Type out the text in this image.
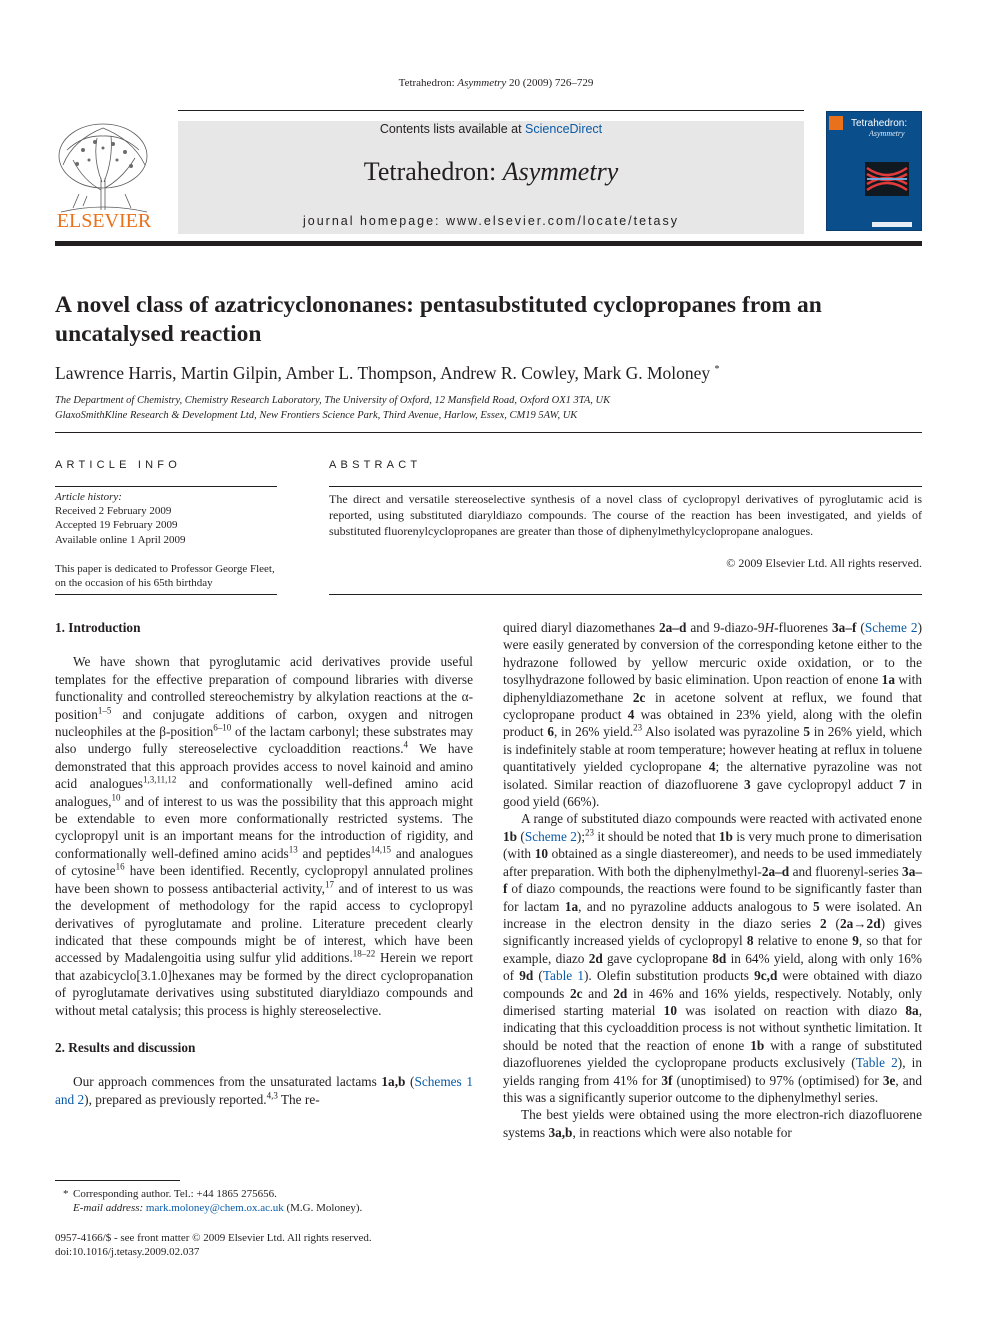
Tetrahedron: Asymmetry 20 (2009) 726–729
ELSEVIER
Contents lists available at ScienceDirect
Tetrahedron: Asymmetry
journal homepage: www.elsevier.com/locate/tetasy
Tetrahedron:
Asymmetry
A novel class of azatricyclononanes: pentasubstituted cyclopropanes from an uncatalysed reaction
Lawrence Harris, Martin Gilpin, Amber L. Thompson, Andrew R. Cowley, Mark G. Moloney *
The Department of Chemistry, Chemistry Research Laboratory, The University of Oxford, 12 Mansfield Road, Oxford OX1 3TA, UK
GlaxoSmithKline Research & Development Ltd, New Frontiers Science Park, Third Avenue, Harlow, Essex, CM19 5AW, UK
ARTICLE INFO
Article history:
Received 2 February 2009
Accepted 19 February 2009
Available online 1 April 2009
This paper is dedicated to Professor George Fleet, on the occasion of his 65th birthday
ABSTRACT
The direct and versatile stereoselective synthesis of a novel class of cyclopropyl derivatives of pyroglutamic acid is reported, using substituted diaryldiazo compounds. The course of the reaction has been investigated, and yields of substituted fluorenylcyclopropanes are greater than those of diphenylmethylcyclopropane analogues.
© 2009 Elsevier Ltd. All rights reserved.
1. Introduction

We have shown that pyroglutamic acid derivatives provide useful templates for the effective preparation of compound libraries with diverse functionality and controlled stereochemistry by alkylation reactions at the α-position$^{1-5}$ and conjugate additions of carbon, oxygen and nitrogen nucleophiles at the β-position$^{6-10}$ of the lactam carbonyl; these substrates may also undergo fully stereoselective cycloaddition reactions.$^4$ We have demonstrated that this approach provides access to novel kainoid and amino acid analogues$^{1,3,11,12}$ and conformationally well-defined amino acid analogues,$^{10}$ and of interest to us was the possibility that this approach might be extendable to even more conformationally restricted systems. The cyclopropyl unit is an important means for the introduction of rigidity, and conformationally well-defined amino acids$^{13}$ and peptides$^{14,15}$ and analogues of cytosine$^{16}$ have been identified. Recently, cyclopropyl annulated prolines have been shown to possess antibacterial activity,$^{17}$ and of interest to us was the development of methodology for the rapid access to cyclopropyl derivatives of pyroglutamate and proline. Literature precedent clearly indicated that these compounds might be of interest, which have been accessed by Madalengoitia using sulfur ylid additions.$^{18-22}$ Herein we report that azabicyclo[3.1.0]hexanes may be formed by the direct cyclopropanation of pyroglutamate derivatives using substituted diaryldiazo compounds and without metal catalysis; this process is highly stereoselective.

2. Results and discussion

Our approach commences from the unsaturated lactams 1a,b (Schemes 1 and 2), prepared as previously reported.$^{4,3}$ The re-

quired diaryl diazomethanes 2a–d and 9-diazo-9H-fluorenes 3a–f (Scheme 2) were easily generated by conversion of the corresponding ketone either to the hydrazone followed by yellow mercuric oxide oxidation, or to the tosylhydrazone followed by basic elimination. Upon reaction of enone 1a with diphenyldiazomethane 2c in acetone solvent at reflux, we found that cyclopropane product 4 was obtained in 23% yield, along with the olefin product 6, in 26% yield.$^{23}$ Also isolated was pyrazoline 5 in 26% yield, which is indefinitely stable at room temperature; however heating at reflux in toluene quantitatively yielded cyclopropane 4; the alternative pyrazoline was not isolated. Similar reaction of diazofluorene 3 gave cyclopropyl adduct 7 in good yield (66%).

A range of substituted diazo compounds were reacted with activated enone 1b (Scheme 2);$^{23}$ it should be noted that 1b is very much prone to dimerisation (with 10 obtained as a single diastereomer), and needs to be used immediately after preparation. With both the diphenylmethyl-2a–d and fluorenyl-series 3a–f of diazo compounds, the reactions were found to be significantly faster than for lactam 1a, and no pyrazoline adducts analogous to 5 were isolated. An increase in the electron density in the diazo series 2 (2a→2d) gives significantly increased yields of cyclopropyl 8 relative to enone 9, so that for example, diazo 2d gave cyclopropane 8d in 64% yield, along with only 16% of 9d (Table 1). Olefin substitution products 9c,d were obtained with diazo compounds 2c and 2d in 46% and 16% yields, respectively. Notably, only dimerised starting material 10 was isolated on reaction with diazo 8a, indicating that this cycloaddition process is not without synthetic limitation. It should be noted that the reaction of enone 1b with a range of substituted diazofluorenes yielded the cyclopropane products exclusively (Table 2), in yields ranging from 41% for 3f (unoptimised) to 97% (optimised) for 3e, and this was a significantly superior outcome to the diphenylmethyl series.

The best yields were obtained using the more electron-rich diazofluorene systems 3a,b, in reactions which were also notable for

* Corresponding author. Tel.: +44 1865 275656.
E-mail address: mark.moloney@chem.ox.ac.uk (M.G. Moloney).
0957-4166/$ - see front matter © 2009 Elsevier Ltd. All rights reserved.
doi:10.1016/j.tetasy.2009.02.037
